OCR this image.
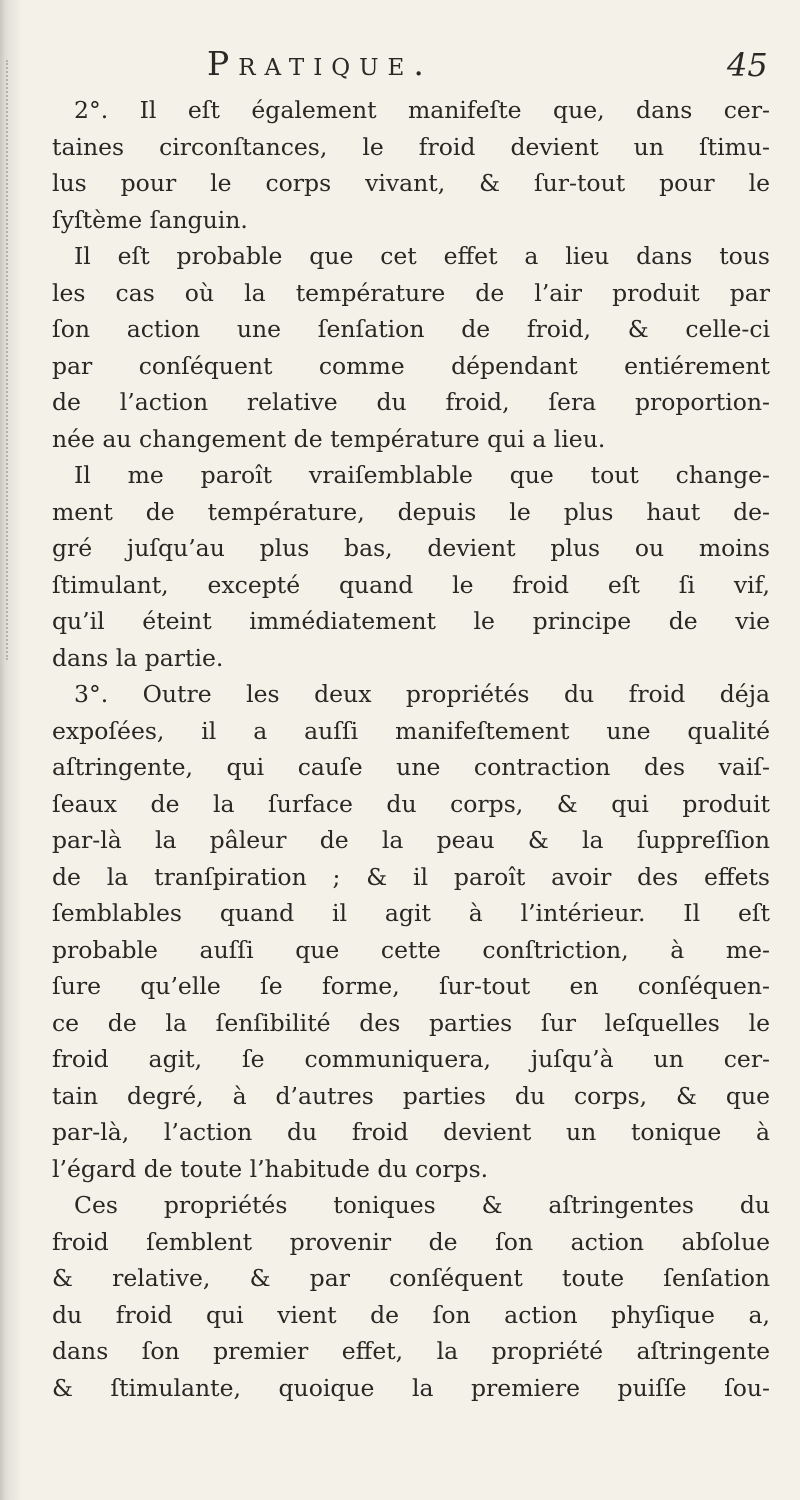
Pratique.	45
2°. Il eſt également manifeſte que, dans cer-
taines circonſtances, le froid devient un ſtimu-
lus pour le corps vivant, & ſur-tout pour le
ſyſtème ſanguin.
Il eſt probable que cet effet a lieu dans tous
les cas où la température de l’air produit par
ſon action une ſenſation de froid, & celle-ci
par conſéquent comme dépendant entiérement
de l’action relative du froid, ſera proportion-
née au changement de température qui a lieu.
Il me paroît vraiſemblable que tout change-
ment de température, depuis le plus haut de-
gré juſqu’au plus bas, devient plus ou moins
ſtimulant, excepté quand le froid eſt ſi vif,
qu’il éteint immédiatement le principe de vie
dans la partie.
3°. Outre les deux propriétés du froid déja
expoſées, il a auſſi manifeſtement une qualité
aſtringente, qui cauſe une contraction des vaiſ-
ſeaux de la ſurface du corps, & qui produit
par-là la pâleur de la peau & la ſuppreſſion
de la tranſpiration ; & il paroît avoir des effets
ſemblables quand il agit à l’intérieur. Il eſt
probable auſſi que cette conſtriction, à me-
ſure qu’elle ſe forme, ſur-tout en conſéquen-
ce de la ſenſibilité des parties ſur leſquelles le
froid agit, ſe communiquera, juſqu’à un cer-
tain degré, à d’autres parties du corps, & que
par-là, l’action du froid devient un tonique à
l’égard de toute l’habitude du corps.
Ces propriétés toniques & aſtringentes du
froid ſemblent provenir de ſon action abſolue
& relative, & par conſéquent toute ſenſation
du froid qui vient de ſon action phyſique a,
dans ſon premier effet, la propriété aſtringente
& ſtimulante, quoique la premiere puiſſe ſou-
